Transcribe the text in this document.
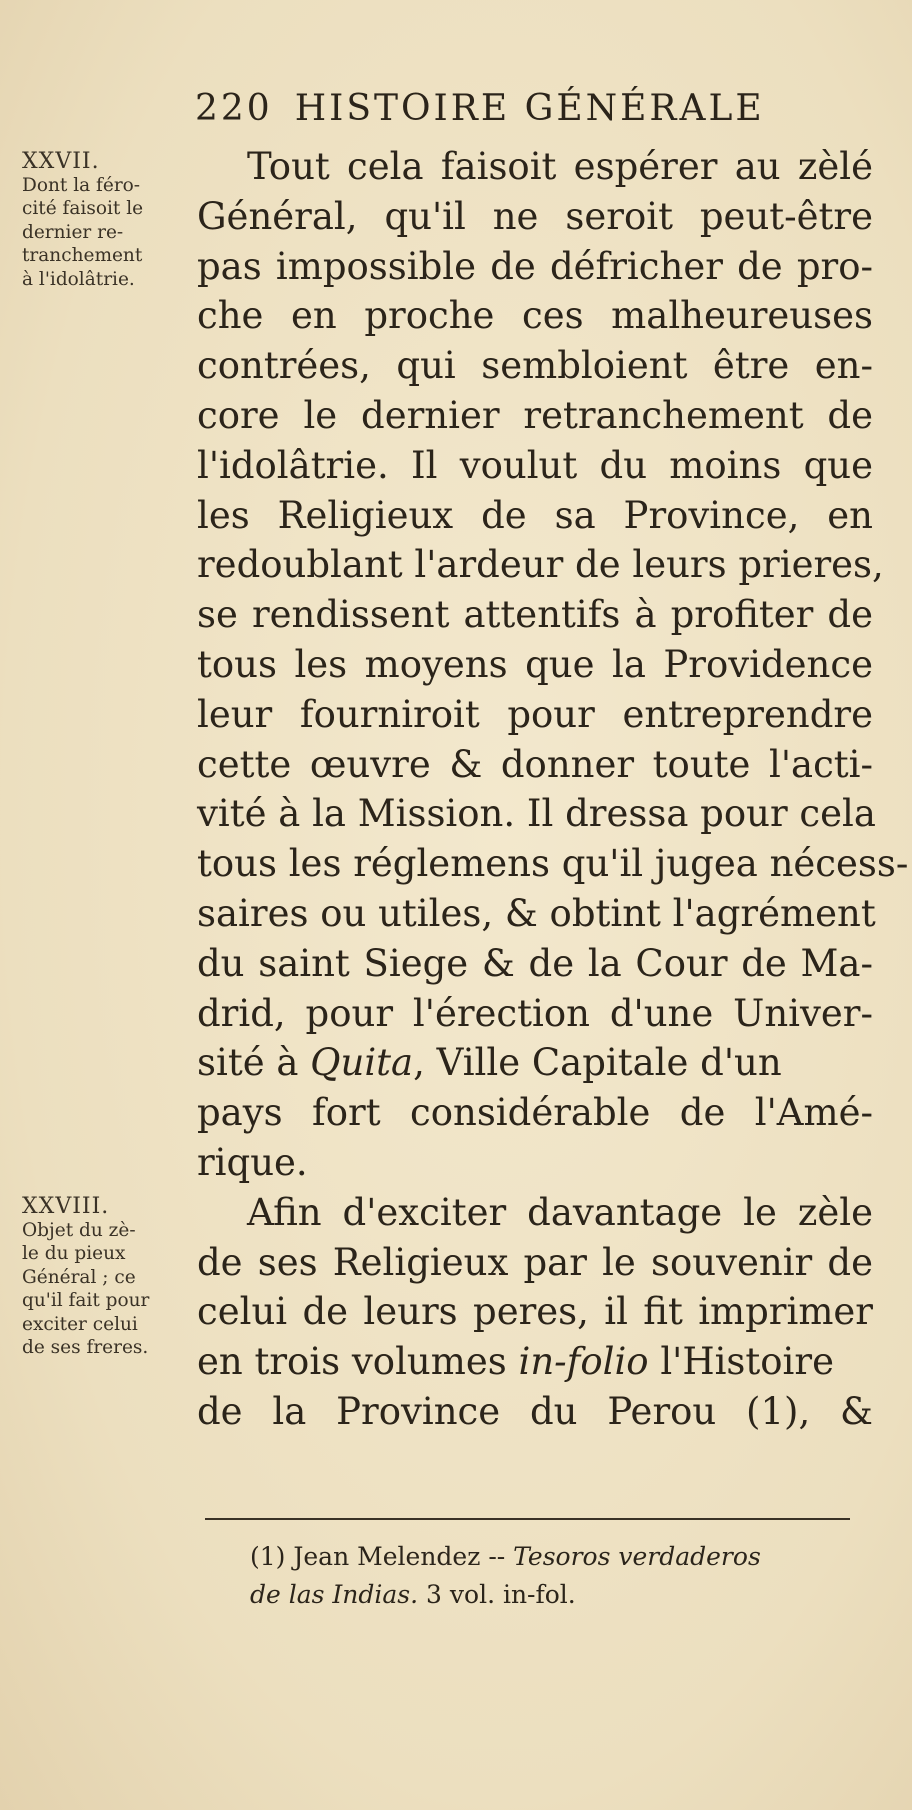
220 HISTOIRE GÉNÉRALE
XXVII.
Dont la féro-
cité faisoit le
dernier re-
tranchement
à l'idolâtrie.
XXVIII.
Objet du zè-
le du pieux
Général ; ce
qu'il fait pour
exciter celui
de ses freres.
Tout cela faisoit espérer au zèlé
Général, qu'il ne seroit peut-être
pas impossible de défricher de pro-
che en proche ces malheureuses
contrées, qui sembloient être en-
core le dernier retranchement de
l'idolâtrie. Il voulut du moins que
les Religieux de sa Province, en
redoublant l'ardeur de leurs prieres,
se rendissent attentifs à profiter de
tous les moyens que la Providence
leur fourniroit pour entreprendre
cette œuvre & donner toute l'acti-
vité à la Mission. Il dressa pour cela
tous les réglemens qu'il jugea nécess-
saires ou utiles, & obtint l'agrément
du saint Siege & de la Cour de Ma-
drid, pour l'érection d'une Univer-
sité à Quita, Ville Capitale d'un
pays fort considérable de l'Amé-
rique.
Afin d'exciter davantage le zèle
de ses Religieux par le souvenir de
celui de leurs peres, il fit imprimer
en trois volumes in-folio l'Histoire
de la Province du Perou (1), &
(1) Jean Melendez -- Tesoros verdaderos
de las Indias. 3 vol. in-fol.
